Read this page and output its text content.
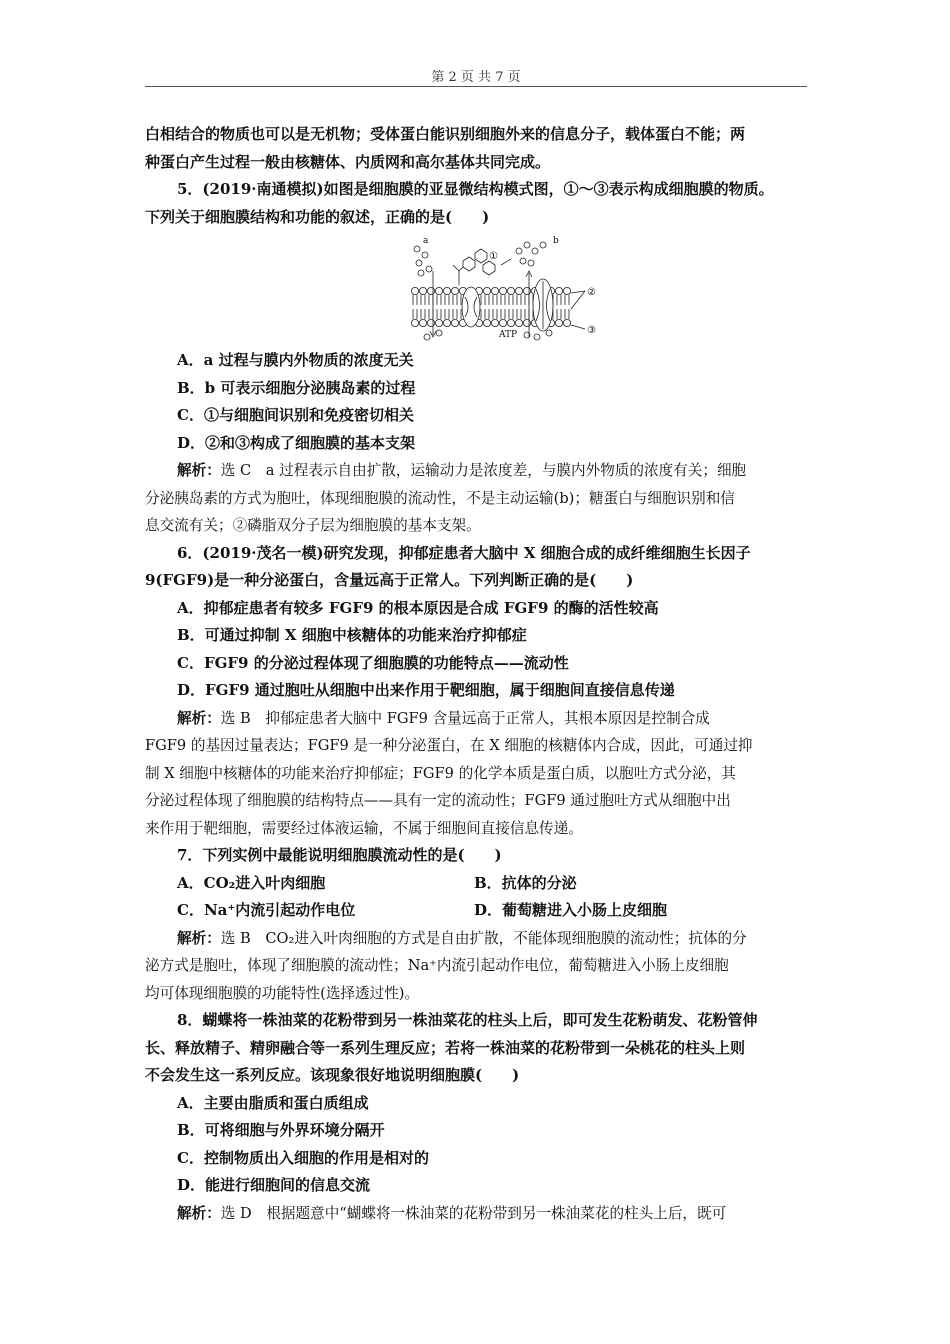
第 2 页 共 7 页

白相结合的物质也可以是无机物；受体蛋白能识别细胞外来的信息分子，载体蛋白不能；两

种蛋白产生过程一般由核糖体、内质网和高尔基体共同完成。

5．(2019·南通模拟)如图是细胞膜的亚显微结构模式图，①～③表示构成细胞膜的物质。

下列关于细胞膜结构和功能的叙述，正确的是(　　)

a	b
①
②
③
ATP

A．a 过程与膜内外物质的浓度无关

B．b 可表示细胞分泌胰岛素的过程

C．①与细胞间识别和免疫密切相关

D．②和③构成了细胞膜的基本支架

解析：选 C　a 过程表示自由扩散，运输动力是浓度差，与膜内外物质的浓度有关；细胞

分泌胰岛素的方式为胞吐，体现细胞膜的流动性，不是主动运输(b)；糖蛋白与细胞识别和信

息交流有关；②磷脂双分子层为细胞膜的基本支架。

6．(2019·茂名一模)研究发现，抑郁症患者大脑中 X 细胞合成的成纤维细胞生长因子

9(FGF9)是一种分泌蛋白，含量远高于正常人。下列判断正确的是(　　)

A．抑郁症患者有较多 FGF9 的根本原因是合成 FGF9 的酶的活性较高

B．可通过抑制 X 细胞中核糖体的功能来治疗抑郁症

C．FGF9 的分泌过程体现了细胞膜的功能特点——流动性

D．FGF9 通过胞吐从细胞中出来作用于靶细胞，属于细胞间直接信息传递

解析：选 B　抑郁症患者大脑中 FGF9 含量远高于正常人，其根本原因是控制合成

FGF9 的基因过量表达；FGF9 是一种分泌蛋白，在 X 细胞的核糖体内合成，因此，可通过抑

制 X 细胞中核糖体的功能来治疗抑郁症；FGF9 的化学本质是蛋白质，以胞吐方式分泌，其

分泌过程体现了细胞膜的结构特点——具有一定的流动性；FGF9 通过胞吐方式从细胞中出

来作用于靶细胞，需要经过体液运输，不属于细胞间直接信息传递。

7．下列实例中最能说明细胞膜流动性的是(　　)

A．CO₂进入叶肉细胞	B．抗体的分泌
C．Na⁺内流引起动作电位	D．葡萄糖进入小肠上皮细胞

解析：选 B　CO₂进入叶肉细胞的方式是自由扩散，不能体现细胞膜的流动性；抗体的分

泌方式是胞吐，体现了细胞膜的流动性；Na⁺内流引起动作电位，葡萄糖进入小肠上皮细胞

均可体现细胞膜的功能特性(选择透过性)。

8．蝴蝶将一株油菜的花粉带到另一株油菜花的柱头上后，即可发生花粉萌发、花粉管伸

长、释放精子、精卵融合等一系列生理反应；若将一株油菜的花粉带到一朵桃花的柱头上则

不会发生这一系列反应。该现象很好地说明细胞膜(　　)

A．主要由脂质和蛋白质组成

B．可将细胞与外界环境分隔开

C．控制物质出入细胞的作用是相对的

D．能进行细胞间的信息交流

解析：选 D　根据题意中“蝴蝶将一株油菜的花粉带到另一株油菜花的柱头上后，既可
